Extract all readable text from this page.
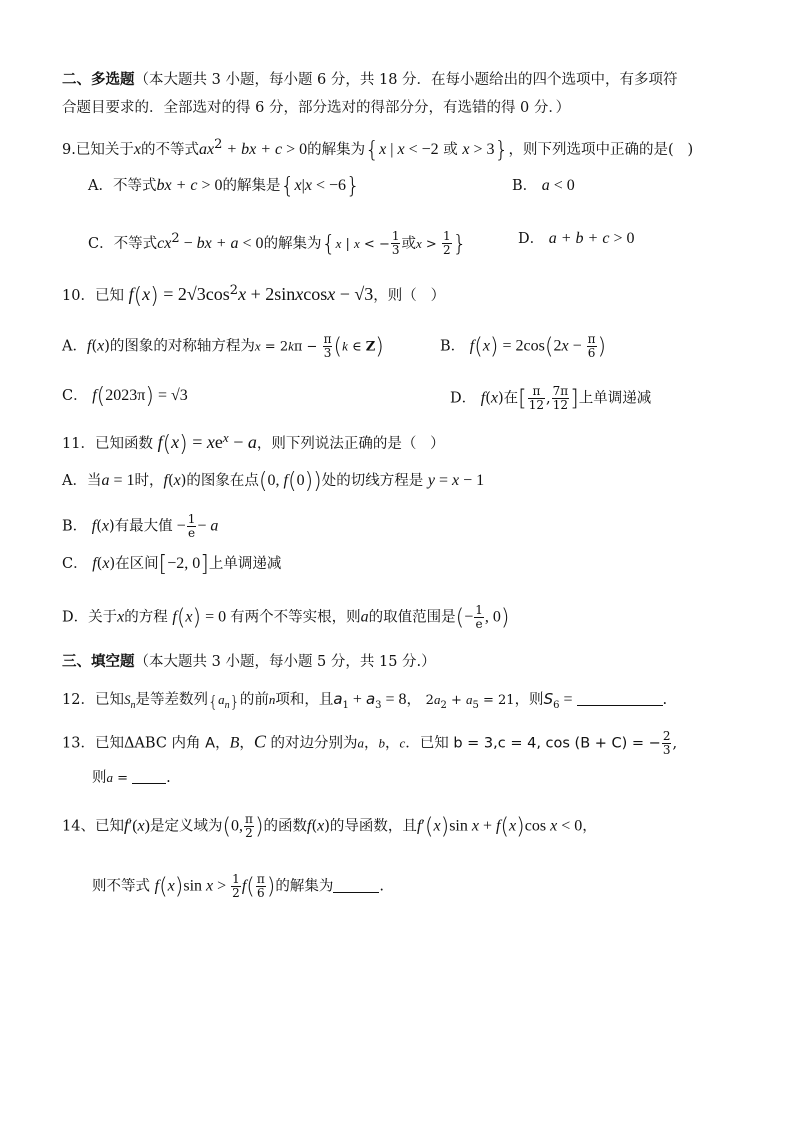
二、多选题（本大题共 3 小题，每小题 6 分，共 18 分．在每小题给出的四个选项中，有多项符
合题目要求的．全部选对的得 6 分，部分选对的得部分分，有选错的得 0 分．）
9.已知关于x的不等式$ax^2$ + bx + c > 0的解集为{x | x < −2 或 x > 3}，则下列选项中正确的是(   )
A．不等式bx + c > 0的解集是{x|x < −6}	B． a < 0
C．不等式$cx^2$ − bx + a < 0的解集为{x | x < − $\frac{1}{3}$ 或$x > \frac{1}{2}$ }	D． a + b + c > 0
10．已知 $f(x) = 2√3\cos^2x$ + 2sinxcosx − √3，则（   ）
A．f(x)的图象的对称轴方程为$x = 2k\pi - \frac{\pi}{3} (k$ ∈ Z)	B． $f(x) = 2\cos(2x - \frac{\pi}{6}$ )
C． f(2023π) = √3	D． f(x)在[ $\frac{\pi}{12}$ , $\frac{7\pi}{12}$ ]上单调递减
11．已知函数 $f(x) = xe^x - a$，则下列说法正确的是（   ）
A．当a = 1时，f(x)的图象在点(0, f(0))处的切线方程是 y = x − 1
B． f(x)有最大值 − $\frac{1}{e} - a$
C． f(x)在区间[−2, 0]上单调递减
D．关于x的方程 f(x) = 0 有两个不等实根，则a的取值范围是(− $\frac{1}{e}$ , 0)
三、填空题（本大题共 3 小题，每小题 5 分，共 15 分.）
12．已知$S_n$是等差数列$\{a_n\}$的前n项和，且$a_1 + a_3 = 8$， $2a_2 + a_5 = 21$，则$S_6$ =	.
13．已知ΔABC 内角 A，B，C 的对边分别为a，b，c．已知 b = 3,c = 4, cos (B + C) = − $\frac{2}{3}$ ,
则a = .
14、已知f′(x)是定义域为(0, $\frac{\pi}{2}$ )的函数f(x)的导函数，且f′(x)sin x + f(x)cos x < 0，
则不等式 f(x)sin $x > \frac{1}{2} f( \frac{\pi}{6}$ )的解集为	.
